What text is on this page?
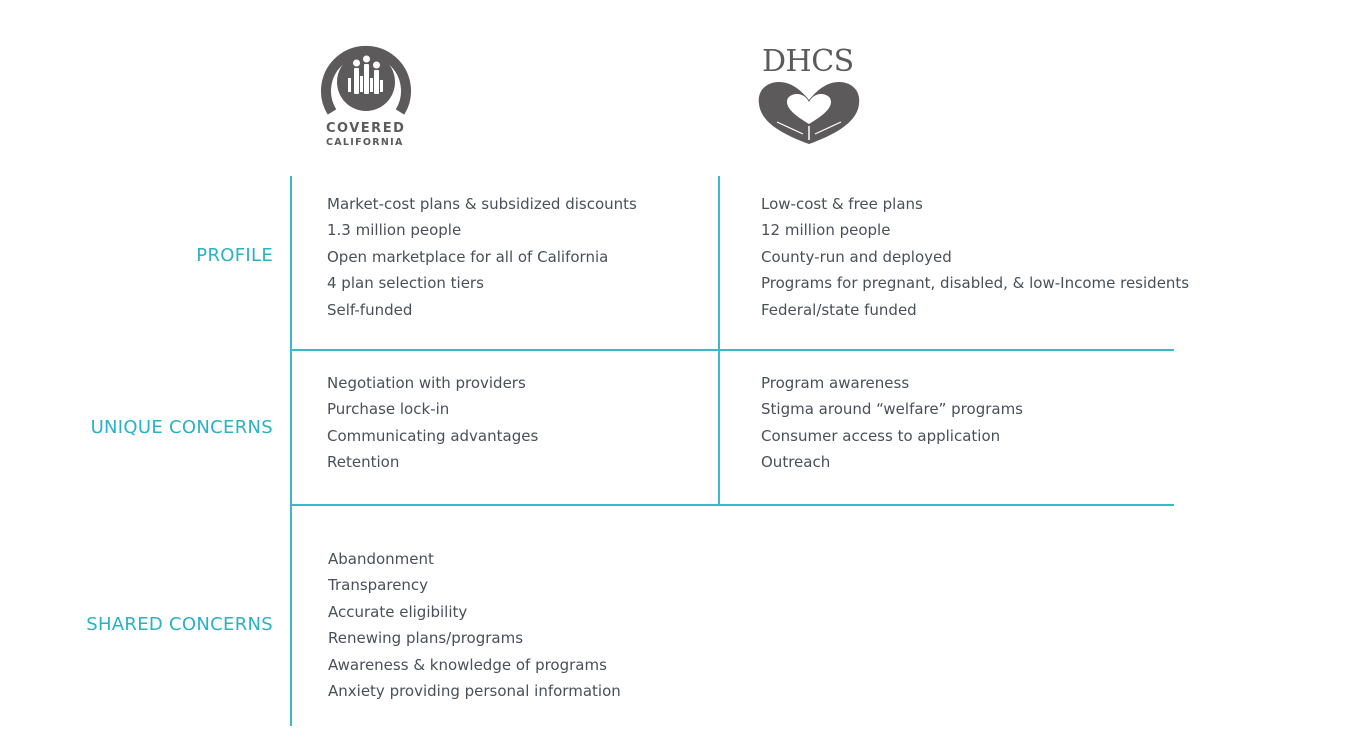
COVERED
CALIFORNIA
DHCS
PROFILE
UNIQUE CONCERNS
SHARED CONCERNS
Market-cost plans & subsidized discounts
1.3 million people
Open marketplace for all of California
4 plan selection tiers
Self-funded
Low-cost & free plans
12 million people
County-run and deployed
Programs for pregnant, disabled, & low-Income residents
Federal/state funded
Negotiation with providers
Purchase lock-in
Communicating advantages
Retention
Program awareness
Stigma around “welfare” programs
Consumer access to application
Outreach
Abandonment
Transparency
Accurate eligibility
Renewing plans/programs
Awareness & knowledge of programs
Anxiety providing personal information
